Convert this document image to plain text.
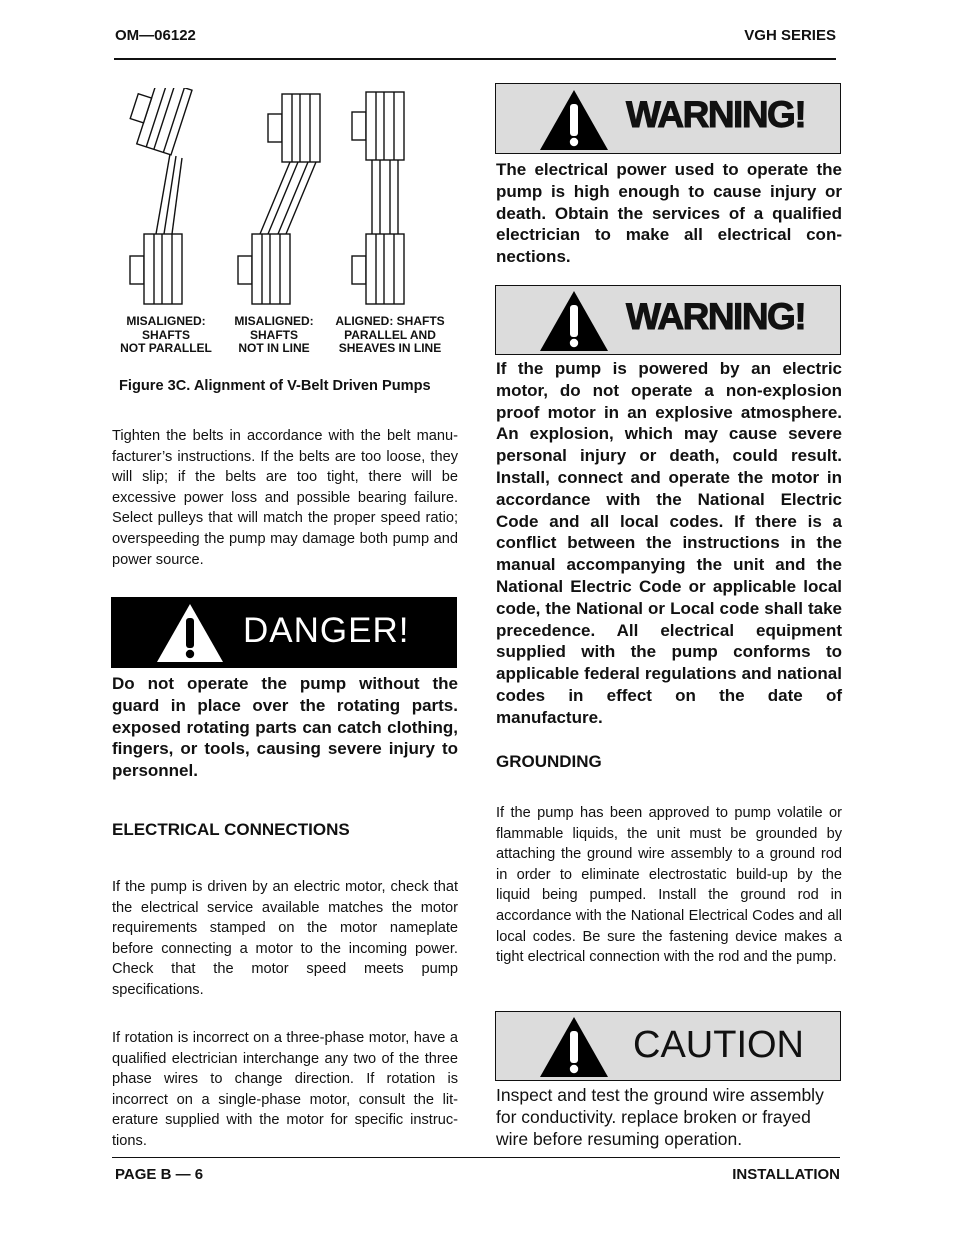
OM—06122	VGH SERIES
MISALIGNED:
SHAFTS
NOT PARALLEL
MISALIGNED:
SHAFTS
NOT IN LINE
ALIGNED: SHAFTS
PARALLEL AND
SHEAVES IN LINE
Figure 3C. Alignment of V-Belt Driven Pumps

Tighten the belts in accordance with the belt manufacturer’s instructions. If the belts are too loose, they will slip; if the belts are too tight, there will be excessive power loss and possible bearing failure. Select pulleys that will match the proper speed ratio; overspeeding the pump may damage both pump and power source.

DANGER!

Do not operate the pump without the guard in place over the rotating parts. exposed rotating parts can catch clothing, fingers, or tools, causing severe injury to personnel.

ELECTRICAL CONNECTIONS

If the pump is driven by an electric motor, check that the electrical service available matches the motor requirements stamped on the motor nameplate before connecting a motor to the incoming power. Check that the motor speed meets pump specifications.

If rotation is incorrect on a three-phase motor, have a qualified electrician interchange any two of the three phase wires to change direction. If rotation is incorrect on a single-phase motor, consult the literature supplied with the motor for specific instructions.

WARNING!

The electrical power used to operate the pump is high enough to cause injury or death. Obtain the services of a qualified electrician to make all electrical connections.

WARNING!

If the pump is powered by an electric motor, do not operate a non-explosion proof motor in an explosive atmosphere. An explosion, which may cause severe personal injury or death, could result. Install, connect and operate the motor in accordance with the National Electric Code and all local codes. If there is a conflict between the instructions in the manual accompanying the unit and the National Electric Code or applicable local code, the National or Local code shall take precedence. All electrical equipment supplied with the pump conforms to applicable federal regulations and national codes in effect on the date of manufacture.

GROUNDING

If the pump has been approved to pump volatile or flammable liquids, the unit must be grounded by attaching the ground wire assembly to a ground rod in order to eliminate electrostatic build-up by the liquid being pumped. Install the ground rod in accordance with the National Electrical Codes and all local codes. Be sure the fastening device makes a tight electrical connection with the rod and the pump.

CAUTION

Inspect and test the ground wire assembly for conductivity. replace broken or frayed wire before resuming operation.

PAGE B — 6	INSTALLATION
